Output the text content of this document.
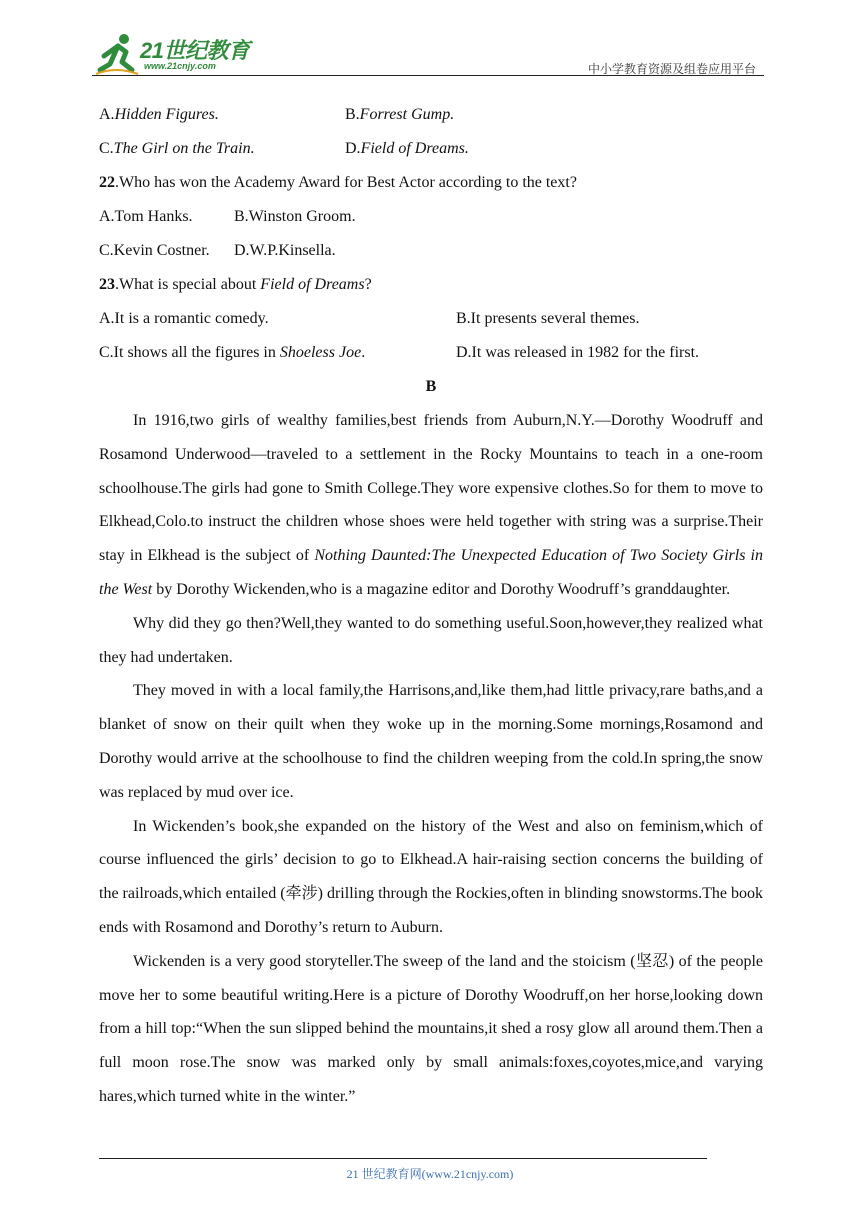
21世纪教育
www.21cnjy.com	中小学教育资源及组卷应用平台
A.Hidden Figures.	B.Forrest Gump.
C.The Girl on the Train.	D.Field of Dreams.
22.Who has won the Academy Award for Best Actor according to the text?
A.Tom Hanks.	B.Winston Groom.
C.Kevin Costner. D.W.P.Kinsella.
23.What is special about Field of Dreams?
A.It is a romantic comedy.	B.It presents several themes.
C.It shows all the figures in Shoeless Joe.	D.It was released in 1982 for the first.
B

In 1916,two girls of wealthy families,best friends from Auburn,N.Y.—Dorothy Woodruff and Rosamond Underwood—traveled to a settlement in the Rocky Mountains to teach in a one-room schoolhouse.The girls had gone to Smith College.They wore expensive clothes.So for them to move to Elkhead,Colo.to instruct the children whose shoes were held together with string was a surprise.Their stay in Elkhead is the subject of Nothing Daunted:The Unexpected Education of Two Society Girls in the West by Dorothy Wickenden,who is a magazine editor and Dorothy Woodruff’s granddaughter.

Why did they go then?Well,they wanted to do something useful.Soon,however,they realized what they had undertaken.

They moved in with a local family,the Harrisons,and,like them,had little privacy,rare baths,and a blanket of snow on their quilt when they woke up in the morning.Some mornings,Rosamond and Dorothy would arrive at the schoolhouse to find the children weeping from the cold.In spring,the snow was replaced by mud over ice.

In Wickenden’s book,she expanded on the history of the West and also on feminism,which of course influenced the girls’ decision to go to Elkhead.A hair-raising section concerns the building of the railroads,which entailed (牵涉) drilling through the Rockies,often in blinding snowstorms.The book ends with Rosamond and Dorothy’s return to Auburn.

Wickenden is a very good storyteller.The sweep of the land and the stoicism (坚忍) of the people move her to some beautiful writing.Here is a picture of Dorothy Woodruff,on her horse,looking down from a hill top:“When the sun slipped behind the mountains,it shed a rosy glow all around them.Then a full moon rose.The snow was marked only by small animals:foxes,coyotes,mice,and varying hares,which turned white in the winter.”

21 世纪教育网(www.21cnjy.com)
